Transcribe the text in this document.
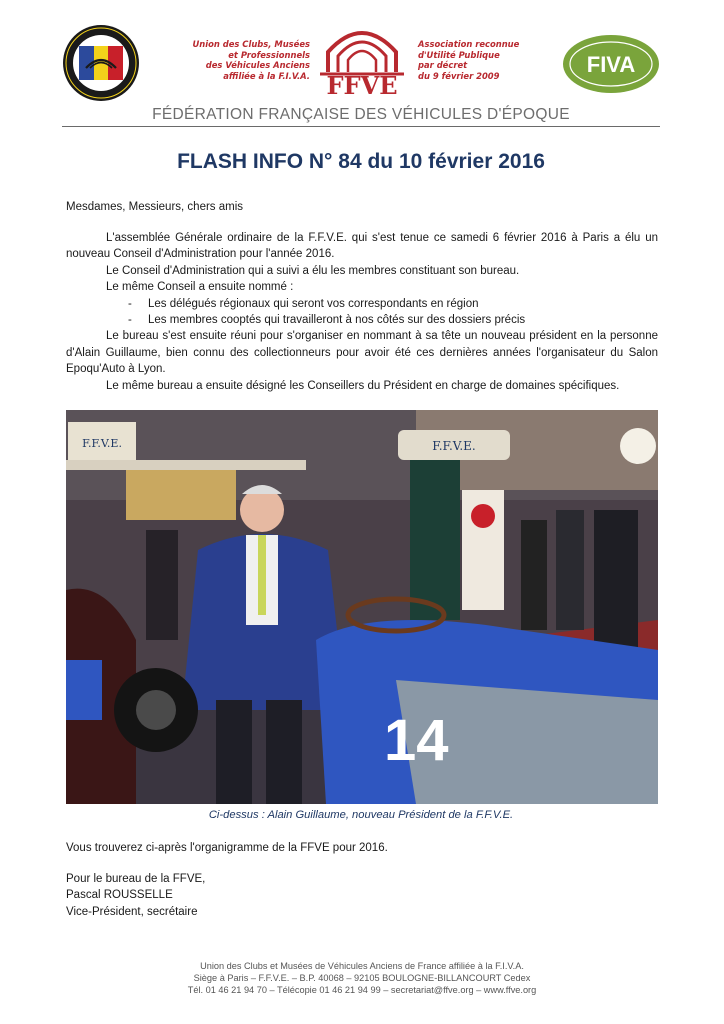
Union des Clubs, Musées
et Professionnels
des Véhicules Anciens
affiliée à la F.I.V.A. FFVE
Association reconnue
d'Utilité Publique
par décret
du 9 février 2009	FIVA
FÉDÉRATION FRANÇAISE DES VÉHICULES D'ÉPOQUE
FLASH INFO N° 84 du 10 février 2016
Mesdames, Messieurs, chers amis

L'assemblée Générale ordinaire de la F.F.V.E. qui s'est tenue ce samedi 6 février 2016 à Paris a élu un nouveau Conseil d'Administration pour l'année 2016.

Le Conseil d'Administration qui a suivi a élu les membres constituant son bureau.

Le même Conseil a ensuite nommé :

-	Les délégués régionaux qui seront vos correspondants en région
-	Les membres cooptés qui travailleront à nos côtés sur des dossiers précis

Le bureau s'est ensuite réuni pour s'organiser en nommant à sa tête un nouveau président en la personne d'Alain Guillaume, bien connu des collectionneurs pour avoir été ces dernières années l'organisateur du Salon Epoqu'Auto à Lyon.

Le même bureau a ensuite désigné les Conseillers du Président en charge de domaines spécifiques.

F.F.V.E.	F.F.V.E.
14
Ci-dessus : Alain Guillaume, nouveau Président de la F.F.V.E.
Vous trouverez ci-après l'organigramme de la FFVE pour 2016.
Pour le bureau de la FFVE,
Pascal ROUSSELLE
Vice-Président, secrétaire
Union des Clubs et Musées de Véhicules Anciens de France affiliée à la F.I.V.A.
Siège à Paris – F.F.V.E. – B.P. 40068 – 92105 BOULOGNE-BILLANCOURT Cedex
Tél. 01 46 21 94 70 – Télécopie 01 46 21 94 99 – secretariat@ffve.org – www.ffve.org
